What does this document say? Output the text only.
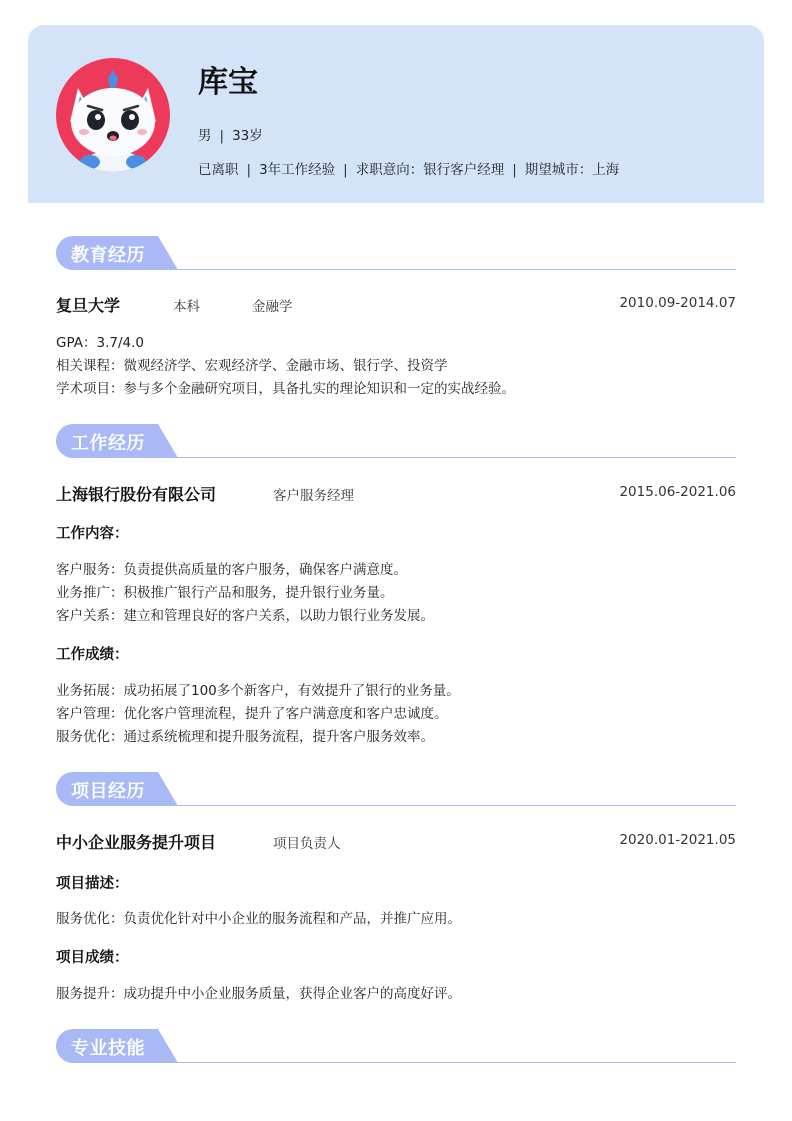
库宝
男 | 33岁
已离职 | 3年工作经验 | 求职意向：银行客户经理 | 期望城市：上海
教育经历
复旦大学	本科	金融学	2010.09-2014.07
GPA：3.7/4.0
相关课程：微观经济学、宏观经济学、金融市场、银行学、投资学
学术项目：参与多个金融研究项目，具备扎实的理论知识和一定的实战经验。
工作经历
上海银行股份有限公司	客户服务经理	2015.06-2021.06
工作内容：
客户服务：负责提供高质量的客户服务，确保客户满意度。
业务推广：积极推广银行产品和服务，提升银行业务量。
客户关系：建立和管理良好的客户关系，以助力银行业务发展。
工作成绩：
业务拓展：成功拓展了100多个新客户，有效提升了银行的业务量。
客户管理：优化客户管理流程，提升了客户满意度和客户忠诚度。
服务优化：通过系统梳理和提升服务流程，提升客户服务效率。
项目经历
中小企业服务提升项目	项目负责人	2020.01-2021.05
项目描述：
服务优化：负责优化针对中小企业的服务流程和产品，并推广应用。
项目成绩：
服务提升：成功提升中小企业服务质量，获得企业客户的高度好评。
专业技能
